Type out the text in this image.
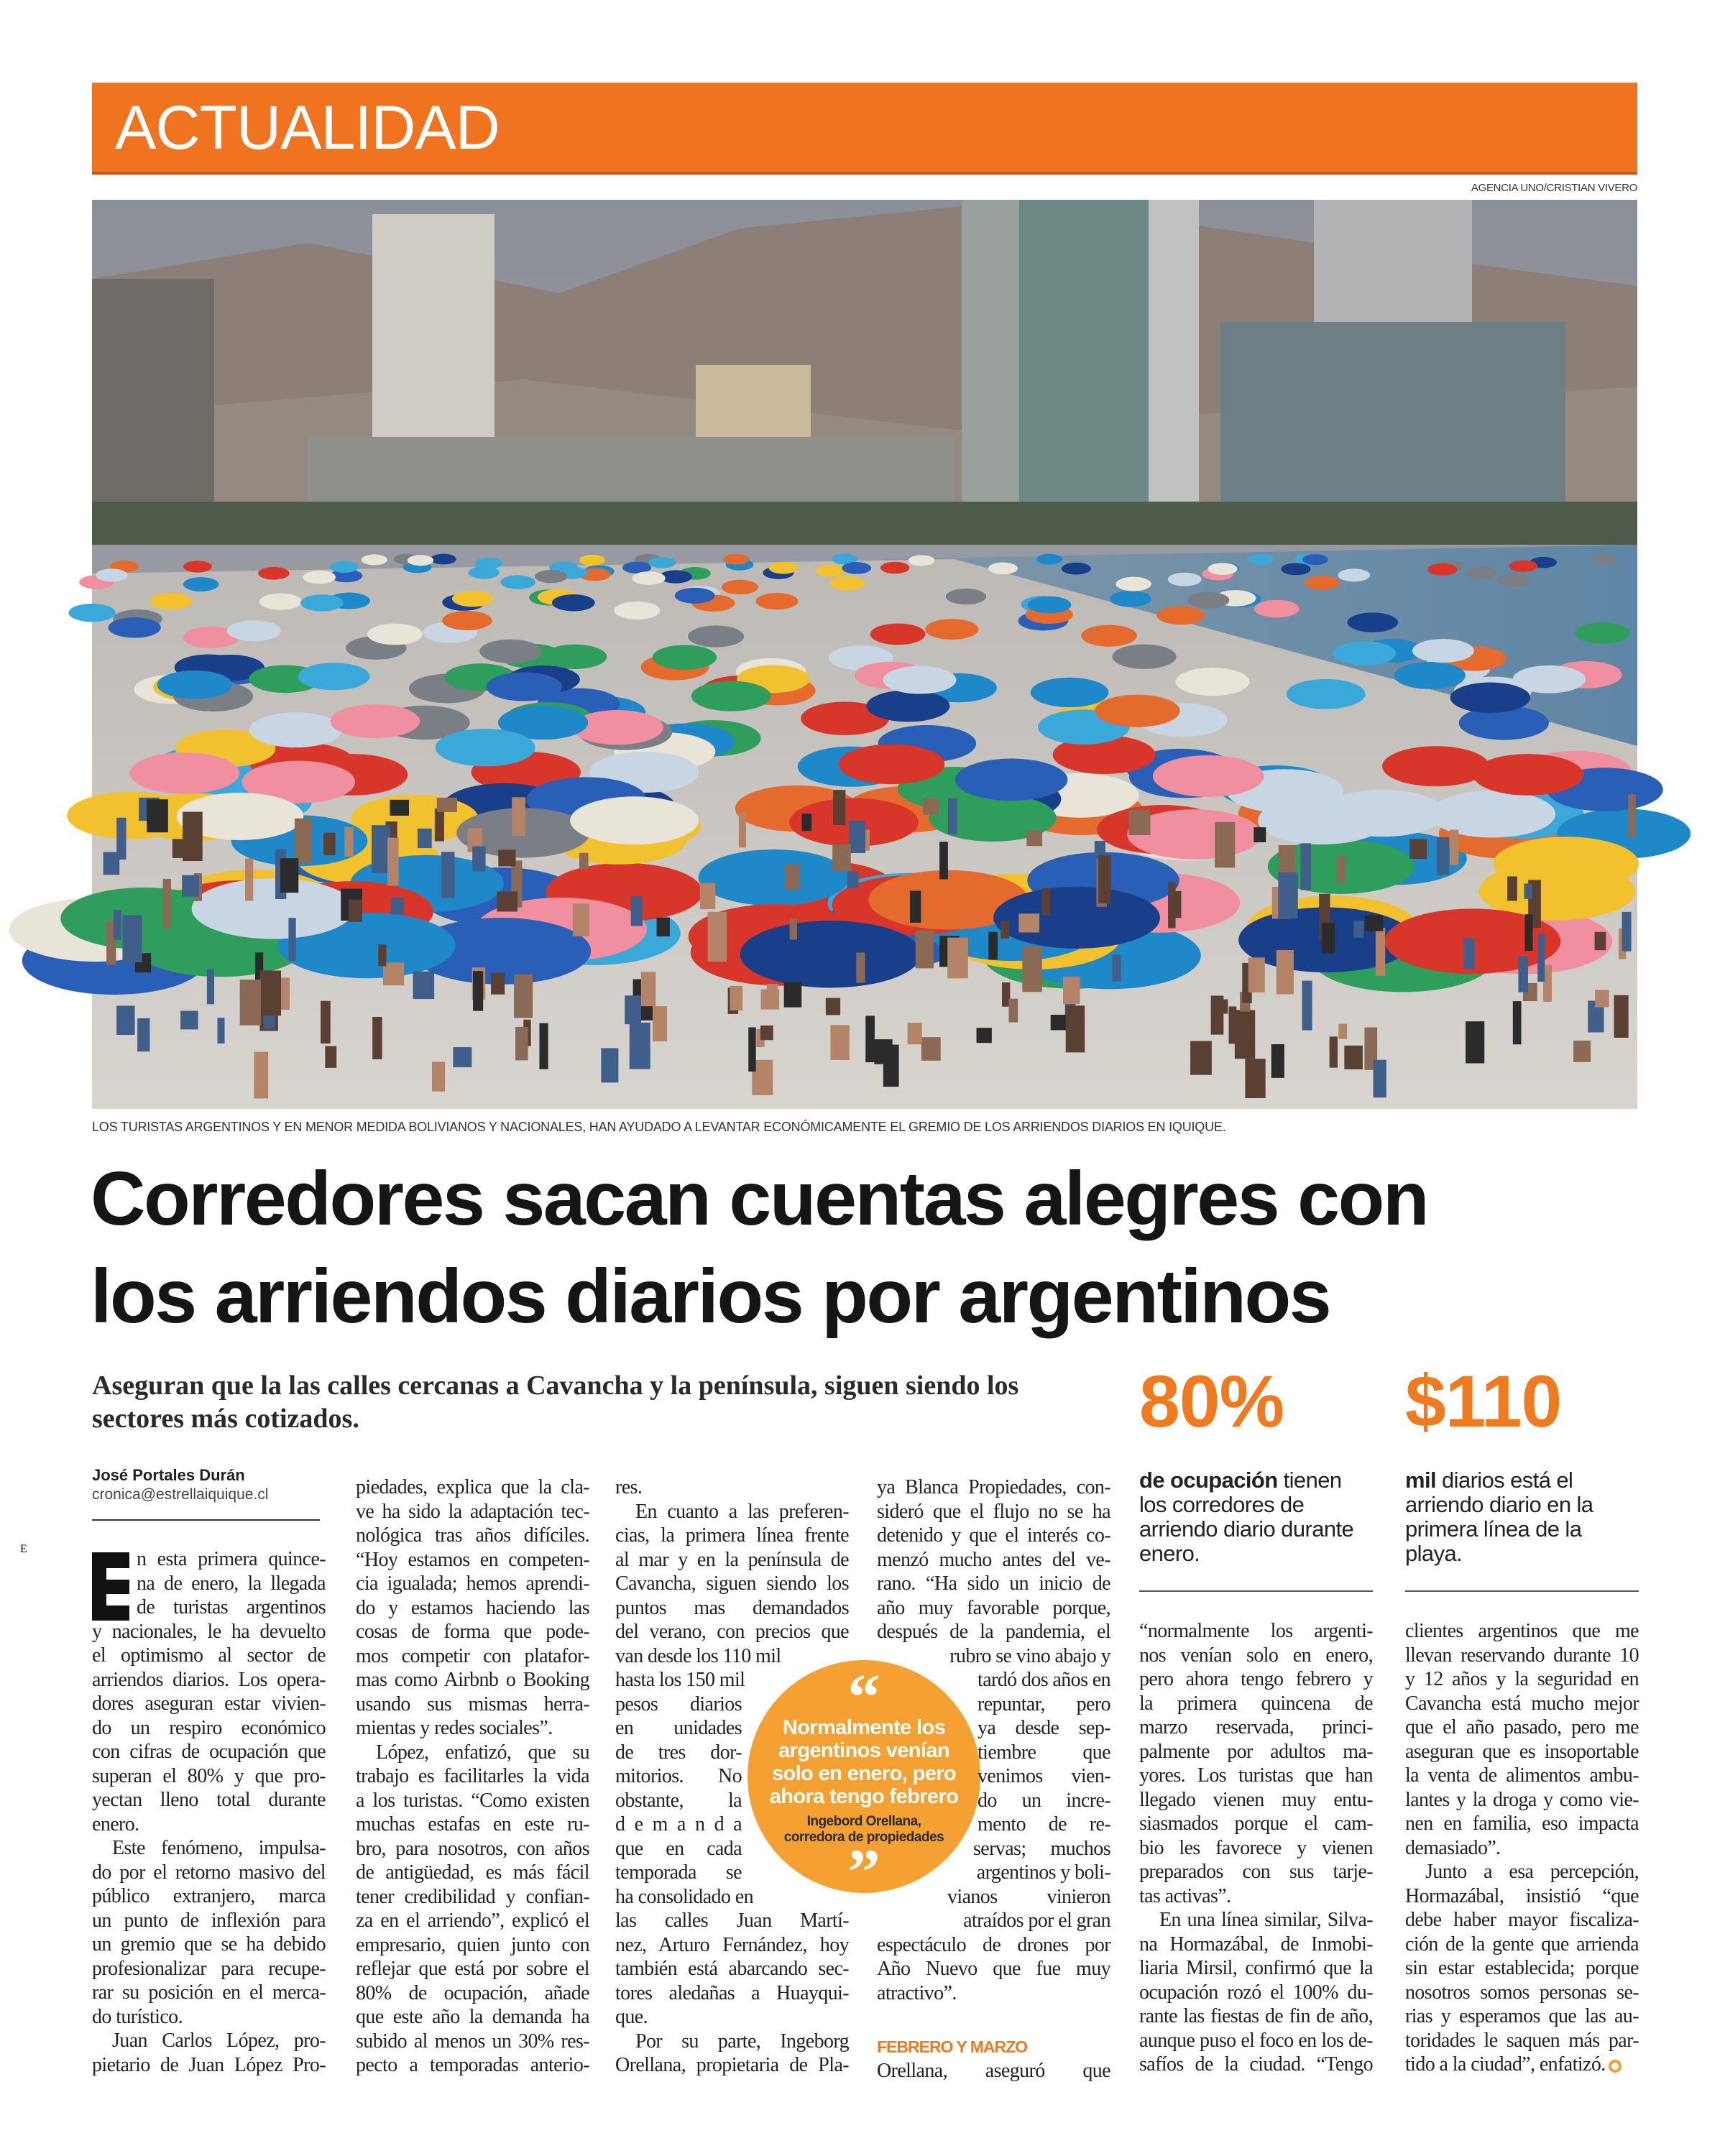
ACTUALIDAD
AGENCIA UNO/CRISTIAN VIVERO
LOS TURISTAS ARGENTINOS Y EN MENOR MEDIDA BOLIVIANOS Y NACIONALES, HAN AYUDADO A LEVANTAR ECONÓMICAMENTE EL GREMIO DE LOS ARRIENDOS DIARIOS EN IQUIQUE.
Corredores sacan cuentas alegres con
los arriendos diarios por argentinos
Aseguran que la las calles cercanas a Cavancha y la península, siguen siendo los sectores más cotizados.	80%
de ocupación tienen los corredores de arriendo diario durante enero.
$110
mil diarios está el arriendo diario en la primera línea de la playa.
José Portales Durán
cronica@estrellaiquique.cl
E
“
Normalmente los
argentinos venían
solo en enero, pero
ahora tengo febrero
Ingebord Orellana,
corredora de propiedades
”
n esta primera quince-
na de enero, la llegada
de turistas argentinos
y nacionales, le ha devuelto
el optimismo al sector de
arriendos diarios. Los opera-
dores aseguran estar vivien-
do un respiro económico
con cifras de ocupación que
superan el 80% y que pro-
yectan lleno total durante
enero.
Este fenómeno, impulsa-
do por el retorno masivo del
público extranjero, marca
un punto de inflexión para
un gremio que se ha debido
profesionalizar para recupe-
rar su posición en el merca-
do turístico.
Juan Carlos López, pro-
pietario de Juan López Pro-
piedades, explica que la cla-
ve ha sido la adaptación tec-
nológica tras años difíciles.
“Hoy estamos en competen-
cia igualada; hemos aprendi-
do y estamos haciendo las
cosas de forma que pode-
mos competir con platafor-
mas como Airbnb o Booking
usando sus mismas herra-
mientas y redes sociales”.
López, enfatizó, que su
trabajo es facilitarles la vida
a los turistas. “Como existen
muchas estafas en este ru-
bro, para nosotros, con años
de antigüedad, es más fácil
tener credibilidad y confian-
za en el arriendo”, explicó el
empresario, quien junto con
reflejar que está por sobre el
80% de ocupación, añade
que este año la demanda ha
subido al menos un 30% res-
pecto a temporadas anterio-
res.
En cuanto a las preferen-
cias, la primera línea frente
al mar y en la península de
Cavancha, siguen siendo los
puntos mas demandados
del verano, con precios que
van desde los 110 mil
hasta los 150 mil
pesos diarios
en unidades
de tres dor-
mitorios. No
obstante, la
d e m a n d a
que en cada
temporada se
ha consolidado en
las calles Juan Martí-
nez, Arturo Fernández, hoy
también está abarcando sec-
tores aledañas a Huayqui-
que.
Por su parte, Ingeborg
Orellana, propietaria de Pla-
ya Blanca Propiedades, con-
sideró que el flujo no se ha
detenido y que el interés co-
menzó mucho antes del ve-
rano. “Ha sido un inicio de
año muy favorable porque,
después de la pandemia, el
rubro se vino abajo y
tardó dos años en
repuntar, pero
ya desde sep-
tiembre que
venimos vien-
do un incre-
mento de re-
servas; muchos
argentinos y boli-
vianos vinieron
atraídos por el gran
espectáculo de drones por
Año Nuevo que fue muy
atractivo”.
FEBRERO Y MARZO
Orellana, aseguró que
“normalmente los argenti-
nos venían solo en enero,
pero ahora tengo febrero y
la primera quincena de
marzo reservada, princi-
palmente por adultos ma-
yores. Los turistas que han
llegado vienen muy entu-
siasmados porque el cam-
bio les favorece y vienen
preparados con sus tarje-
tas activas”.
En una línea similar, Silva-
na Hormazábal, de Inmobi-
liaria Mirsil, confirmó que la
ocupación rozó el 100% du-
rante las fiestas de fin de año,
aunque puso el foco en los de-
safíos de la ciudad. “Tengo
clientes argentinos que me
llevan reservando durante 10
y 12 años y la seguridad en
Cavancha está mucho mejor
que el año pasado, pero me
aseguran que es insoportable
la venta de alimentos ambu-
lantes y la droga y como vie-
nen en familia, eso impacta
demasiado”.
Junto a esa percepción,
Hormazábal, insistió “que
debe haber mayor fiscaliza-
ción de la gente que arrienda
sin estar establecida; porque
nosotros somos personas se-
rias y esperamos que las au-
toridades le saquen más par-
tido a la ciudad”, enfatizó.
